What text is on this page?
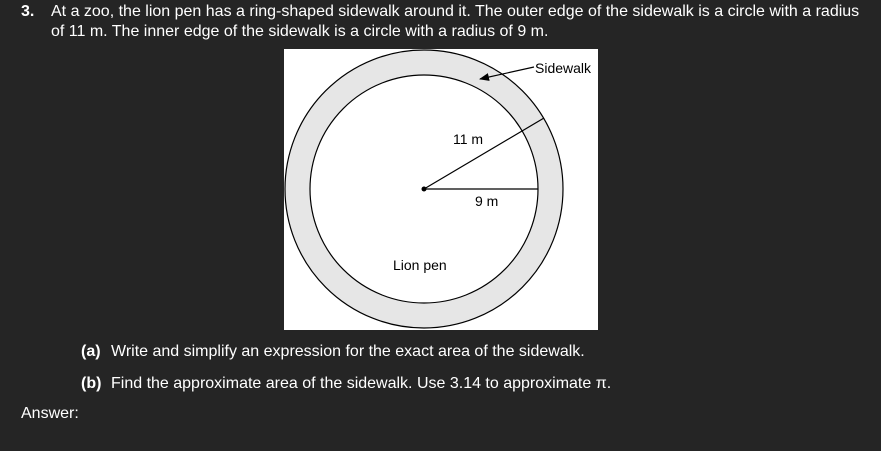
3. At a zoo, the lion pen has a ring-shaped sidewalk around it. The outer edge of the sidewalk is a circle with a radius of 11 m. The inner edge of the sidewalk is a circle with a radius of 9 m.
Sidewalk
11 m
9 m
Lion pen
(a) Write and simplify an expression for the exact area of the sidewalk.
(b) Find the approximate area of the sidewalk. Use 3.14 to approximate π.
Answer:
